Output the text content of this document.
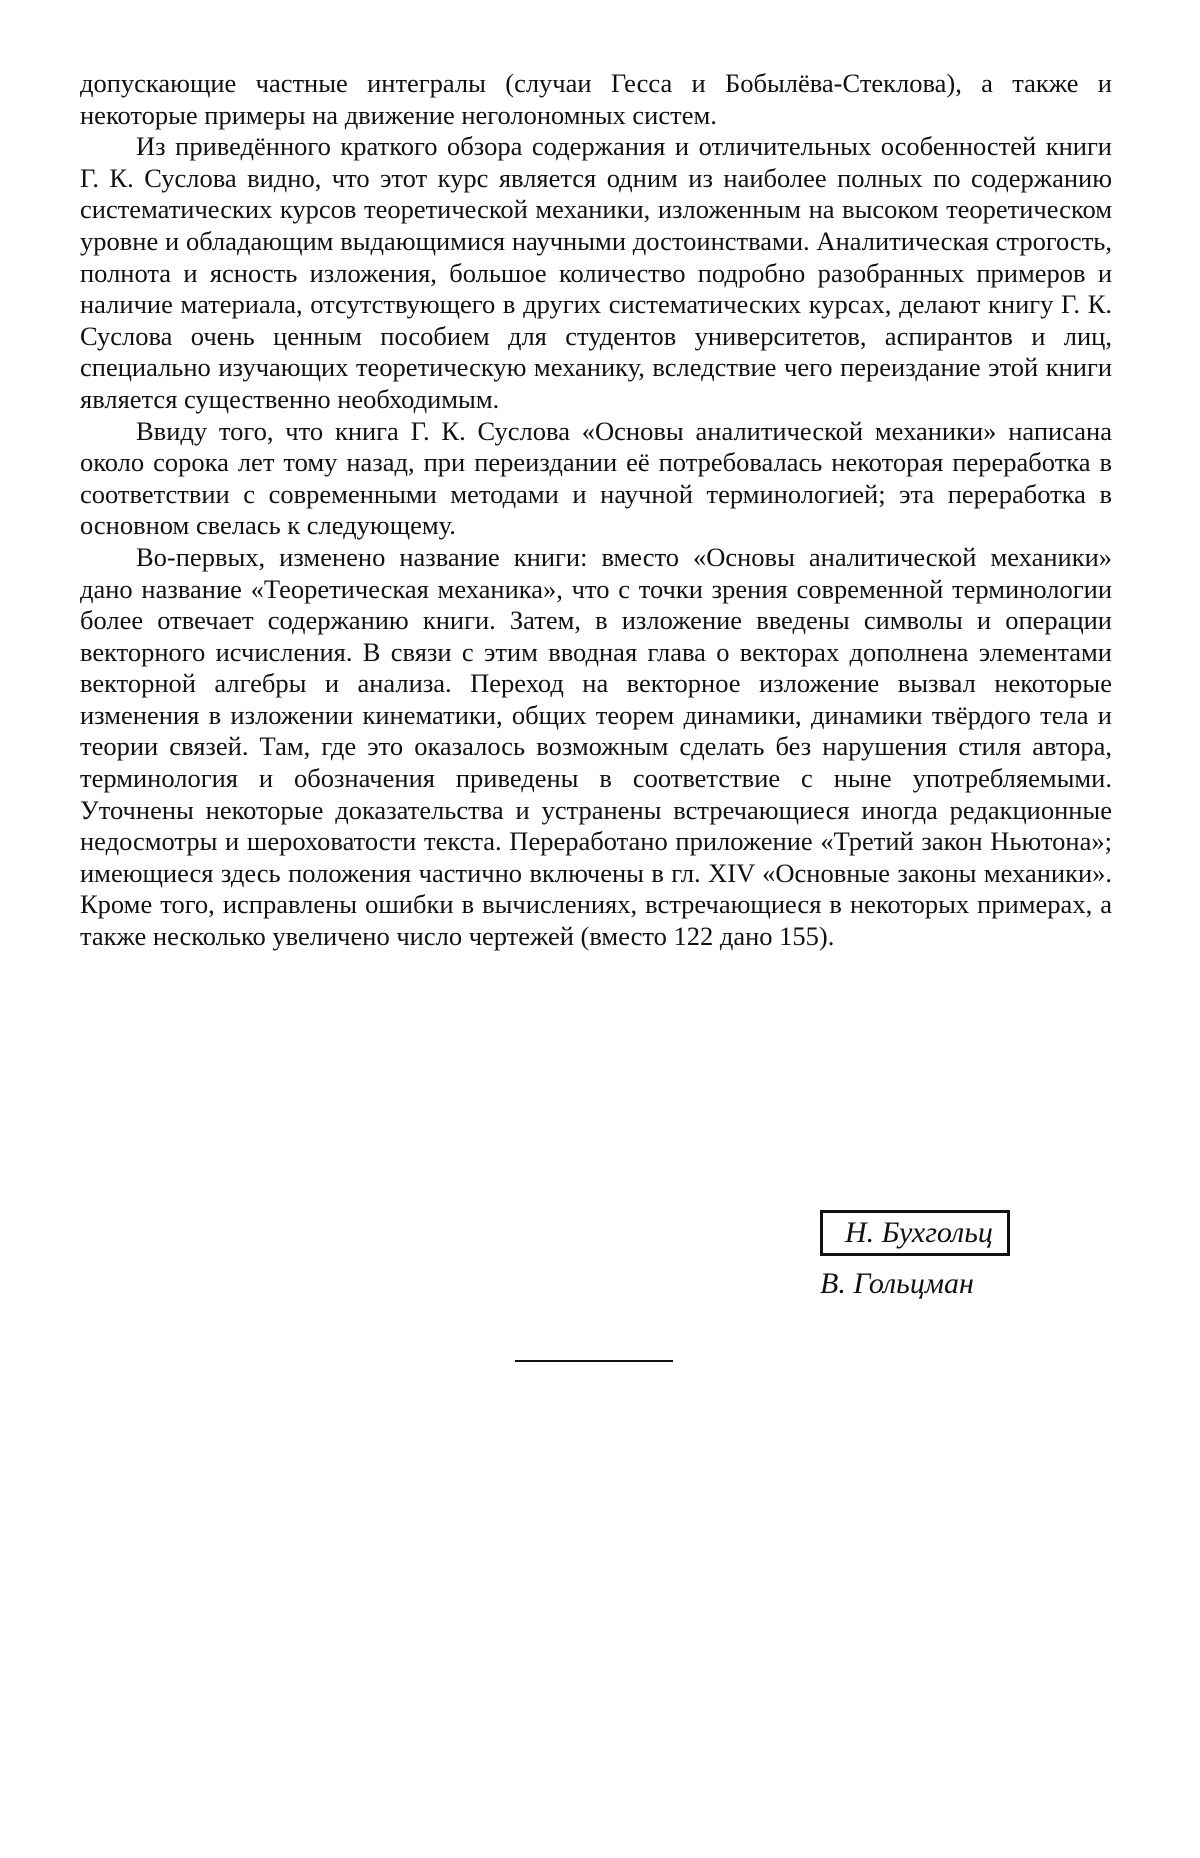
допускающие частные интегралы (случаи Гесса и Бобылёва-Стеклова), а также и некоторые примеры на движение неголономных систем.

Из приведённого краткого обзора содержания и отличительных особенностей книги Г. К. Суслова видно, что этот курс является одним из наиболее полных по содержанию систематических курсов теоретической механики, изложенным на высоком теоретическом уровне и обладающим выдающимися научными достоинствами. Аналитическая строгость, полнота и ясность изложения, большое количество подробно разобранных примеров и наличие материала, отсутствующего в других систематических курсах, делают книгу Г. К. Суслова очень ценным пособием для студентов университетов, аспирантов и лиц, специально изучающих теоретическую механику, вследствие чего переиздание этой книги является существенно необходимым.

Ввиду того, что книга Г. К. Суслова «Основы аналитической механики» написана около сорока лет тому назад, при переиздании её потребовалась некоторая переработка в соответствии с современными методами и научной терминологией; эта переработка в основном свелась к следующему.

Во-первых, изменено название книги: вместо «Основы аналитической механики» дано название «Теоретическая механика», что с точки зрения современной терминологии более отвечает содержанию книги. Затем, в изложение введены символы и операции векторного исчисления. В связи с этим вводная глава о векторах дополнена элементами векторной алгебры и анализа. Переход на векторное изложение вызвал некоторые изменения в изложении кинематики, общих теорем динамики, динамики твёрдого тела и теории связей. Там, где это оказалось возможным сделать без нарушения стиля автора, терминология и обозначения приведены в соответствие с ныне употребляемыми. Уточнены некоторые доказательства и устранены встречающиеся иногда редакционные недосмотры и шероховатости текста. Переработано приложение «Третий закон Ньютона»; имеющиеся здесь положения частично включены в гл. XIV «Основные законы механики». Кроме того, исправлены ошибки в вычислениях, встречающиеся в некоторых примерах, а также несколько увеличено число чертежей (вместо 122 дано 155).

Н. Бухгольц
В. Гольцман
